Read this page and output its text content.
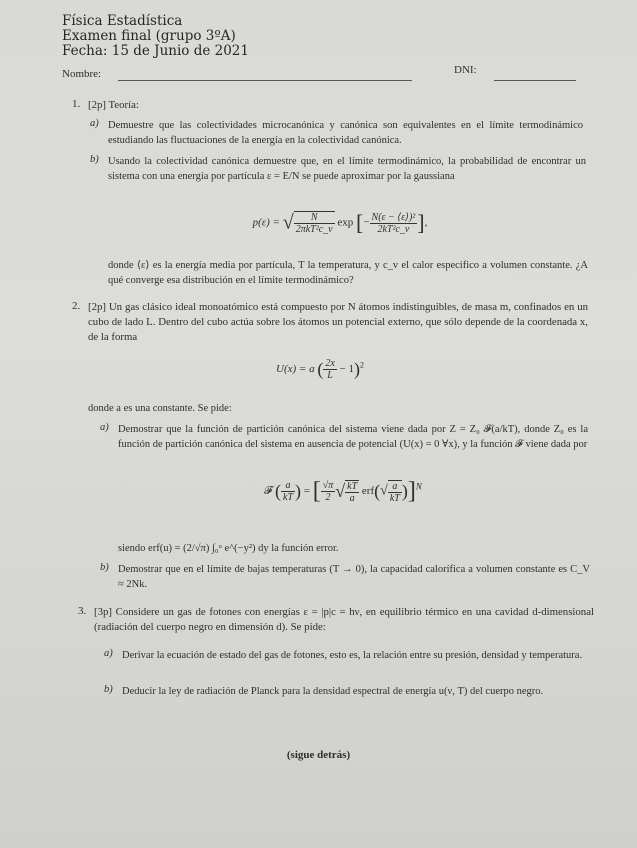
Física Estadística
Examen final (grupo 3ºA)
Fecha: 15 de Junio de 2021
Nombre:	DNI:
1. [2p] Teoría:
a) Demuestre que las colectividades microcanónica y canónica son equivalentes en el límite termodinámico estudiando las fluctuaciones de la energía en la colectividad canónica.
b) Usando la colectividad canónica demuestre que, en el límite termodinámico, la probabilidad de encontrar un sistema con una energía por partícula ε = E/N se puede aproximar por la gaussiana
p(ε) = √ $\frac{N}{\text{2πkT²c\_v}}$ exp [− $\frac{\text{N(ε − ⟨ε⟩)²}}{\text{2kT²c\_v}}$ ],
donde ⟨ε⟩ es la energía media por partícula, T la temperatura, y c_v el calor específico a volumen constante. ¿A qué converge esa distribución en el límite termodinámico?
2. [2p] Un gas clásico ideal monoatómico está compuesto por N átomos indistinguibles, de masa m, confinados en un cubo de lado L. Dentro del cubo actúa sobre los átomos un potencial externo, que sólo depende de la coordenada x, de la forma
U(x) = a ( $\frac{2x}{L} - 1)^2$
donde a es una constante. Se pide:
a) Demostrar que la función de partición canónica del sistema viene dada por Z = Z₀ 𝓕(a/kT), donde Z₀ es la función de partición canónica del sistema en ausencia de potencial (U(x) = 0 ∀x), y la función 𝓕 viene dada por
𝓕 ( $\frac{a}{kT}$ ) = [ $\frac{√\pi}{2}$ √ $\frac{kT}{a} erf(√ \frac{a}{kT} )]^N$
siendo erf(u) = (2/√π) ∫₀ᵘ e^(−y²) dy la función error.
b) Demostrar que en el límite de bajas temperaturas (T → 0), la capacidad calorífica a volumen constante es C_V ≈ 2Nk.
3. [3p] Considere un gas de fotones con energías ε = |p|c = hν, en equilibrio térmico en una cavidad d-dimensional (radiación del cuerpo negro en dimensión d). Se pide:
a) Derivar la ecuación de estado del gas de fotones, esto es, la relación entre su presión, densidad y temperatura.
b) Deducir la ley de radiación de Planck para la densidad espectral de energía u(ν, T) del cuerpo negro.
(sigue detrás)
